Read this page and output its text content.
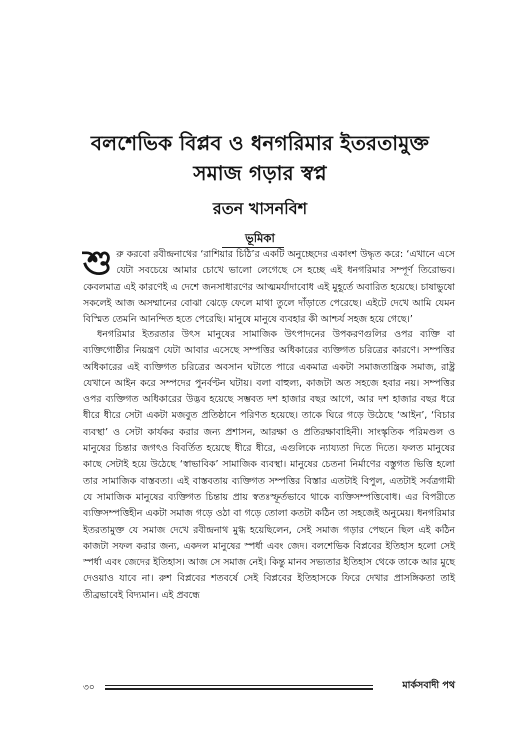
বলশেভিক বিপ্লব ও ধনগরিমার ইতরতামুক্ত
সমাজ গড়ার স্বপ্ন
রতন খাসনবিশ
ভূমিকা

শুরু করবো রবীন্দ্রনাথের ‘রাশিয়ার চিঠি’র একটি অনুচ্ছেদের একাংশ উদ্ধৃত করে: ‘এখানে এসে যেটা সবচেয়ে আমার চোখে ভালো লেগেছে সে হচ্ছে এই ধনগরিমার সম্পূর্ণ তিরোভব। কেবলমাত্র এই কারণেই এ দেশে জনসাধারণের আত্মমর্যাদাবোধ এই মুহূর্তে অবারিত হয়েছে। চাষাভুষো সকলেই আজ অসম্মানের বোঝা ঝেড়ে ফেলে মাথা তুলে দাঁড়াতে পেরেছে। এইটে দেখে আমি যেমন বিস্মিত তেমনি আনন্দিত হতে পেরেছি। মানুষে মানুষে ব্যবহার কী আশ্চর্য সহজ হয়ে গেছে।’

ধনগরিমার ইতরতার উৎস মানুষের সামাজিক উৎপাদনের উপকরণগুলির ওপর ব্যক্তি বা ব্যক্তিগোষ্ঠীর নিয়ন্ত্রণ যেটা আবার এসেছে সম্পত্তির অধিকারের ব্যক্তিগত চরিত্রের কারণে। সম্পত্তির অধিকারের এই ব্যক্তিগত চরিত্রের অবসান ঘটাতে পারে একমাত্র একটা সমাজতান্ত্রিক সমাজ, রাষ্ট্র যেখানে আইন করে সম্পদের পুনর্বণ্টন ঘটায়। বলা বাহুল্য, কাজটা অত সহজে হবার নয়। সম্পত্তির ওপর ব্যক্তিগত অধিকারের উদ্ভব হয়েছে সম্ভবত দশ হাজার বছর আগে, আর দশ হাজার বছর ধরে ধীরে ধীরে সেটা একটা মজবুত প্রতিষ্ঠানে পরিণত হয়েছে। তাকে ঘিরে গড়ে উঠেছে ‘আইন’, ‘বিচার ব্যবস্থা’ ও সেটা কার্যকর করার জন্য প্রশাসন, আরক্ষা ও প্রতিরক্ষাবাহিনী। সাংস্কৃতিক পরিমণ্ডল ও মানুষের চিন্তার জগৎও বিবর্তিত হয়েছে ধীরে ধীরে, এগুলিকে ন্যায্যতা দিতে দিতে। ফলত মানুষের কাছে সেটাই হয়ে উঠেছে ‘স্বাভাবিক’ সামাজিক ব্যবস্থা। মানুষের চেতনা নির্মাণের বস্তুগত ভিত্তি হলো তার সামাজিক বাস্তবতা। এই বাস্তবতায় ব্যক্তিগত সম্পত্তির বিস্তার এতটাই বিপুল, এতটাই সর্বত্রগামী যে সামাজিক মানুষের ব্যক্তিগত চিন্তায় প্রায় স্বতঃস্ফূর্তভাবে থাকে ব্যক্তিসম্পত্তিবোধ। এর বিপরীতে ব্যক্তিসম্পত্তিহীন একটা সমাজ গড়ে ওঠা বা গড়ে তোলা কতটা কঠিন তা সহজেই অনুমেয়। ধনগরিমার ইতরতামুক্ত যে সমাজ দেখে রবীন্দ্রনাথ মুগ্ধ হয়েছিলেন, সেই সমাজ গড়ার পেছনে ছিল এই কঠিন কাজটা সফল করার জন্য, একদল মানুষের স্পর্ধা এবং জেদ। বলশেভিক বিপ্লবের ইতিহাস হলো সেই স্পর্ধা এবং জেদের ইতিহাস। আজ সে সমাজ নেই। কিন্তু মানব সভ্যতার ইতিহাস থেকে তাকে আর মুছে দেওয়াও যাবে না। রুশ বিপ্লবের শতবর্ষে সেই বিপ্লবের ইতিহাসকে ফিরে দেখার প্রাসঙ্গিকতা তাই তীব্রভাবেই বিদ্যমান। এই প্রবন্ধে

৩০	মার্কসবাদী পথ
